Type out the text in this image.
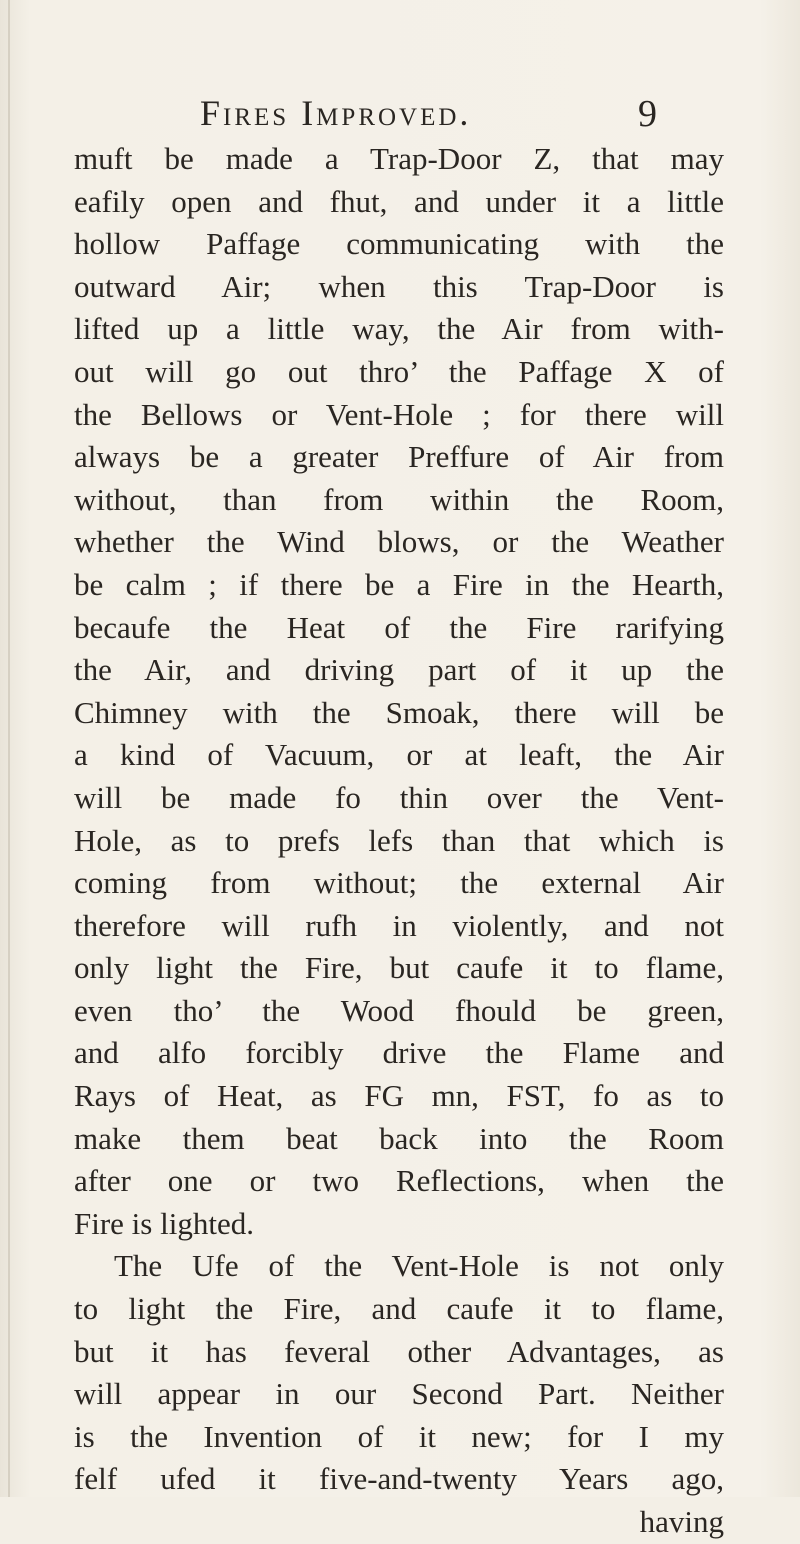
Fires Improved.	9
muft be made a Trap-Door Z, that may
eafily open and fhut, and under it a little
hollow Paffage communicating with the
outward Air; when this Trap-Door is
lifted up a little way, the Air from with-
out will go out thro’ the Paffage X of
the Bellows or Vent-Hole ; for there will
always be a greater Preffure of Air from
without, than from within the Room,
whether the Wind blows, or the Weather
be calm ; if there be a Fire in the Hearth,
becaufe the Heat of the Fire rarifying
the Air, and driving part of it up the
Chimney with the Smoak, there will be
a kind of Vacuum, or at leaft, the Air
will be made fo thin over the Vent-
Hole, as to prefs lefs than that which is
coming from without; the external Air
therefore will rufh in violently, and not
only light the Fire, but caufe it to flame,
even tho’ the Wood fhould be green,
and alfo forcibly drive the Flame and
Rays of Heat, as FG mn, FST, fo as to
make them beat back into the Room
after one or two Reflections, when the
Fire is lighted.
The Ufe of the Vent-Hole is not only
to light the Fire, and caufe it to flame,
but it has feveral other Advantages, as
will appear in our Second Part. Neither
is the Invention of it new; for I my
felf ufed it five-and-twenty Years ago,
having
